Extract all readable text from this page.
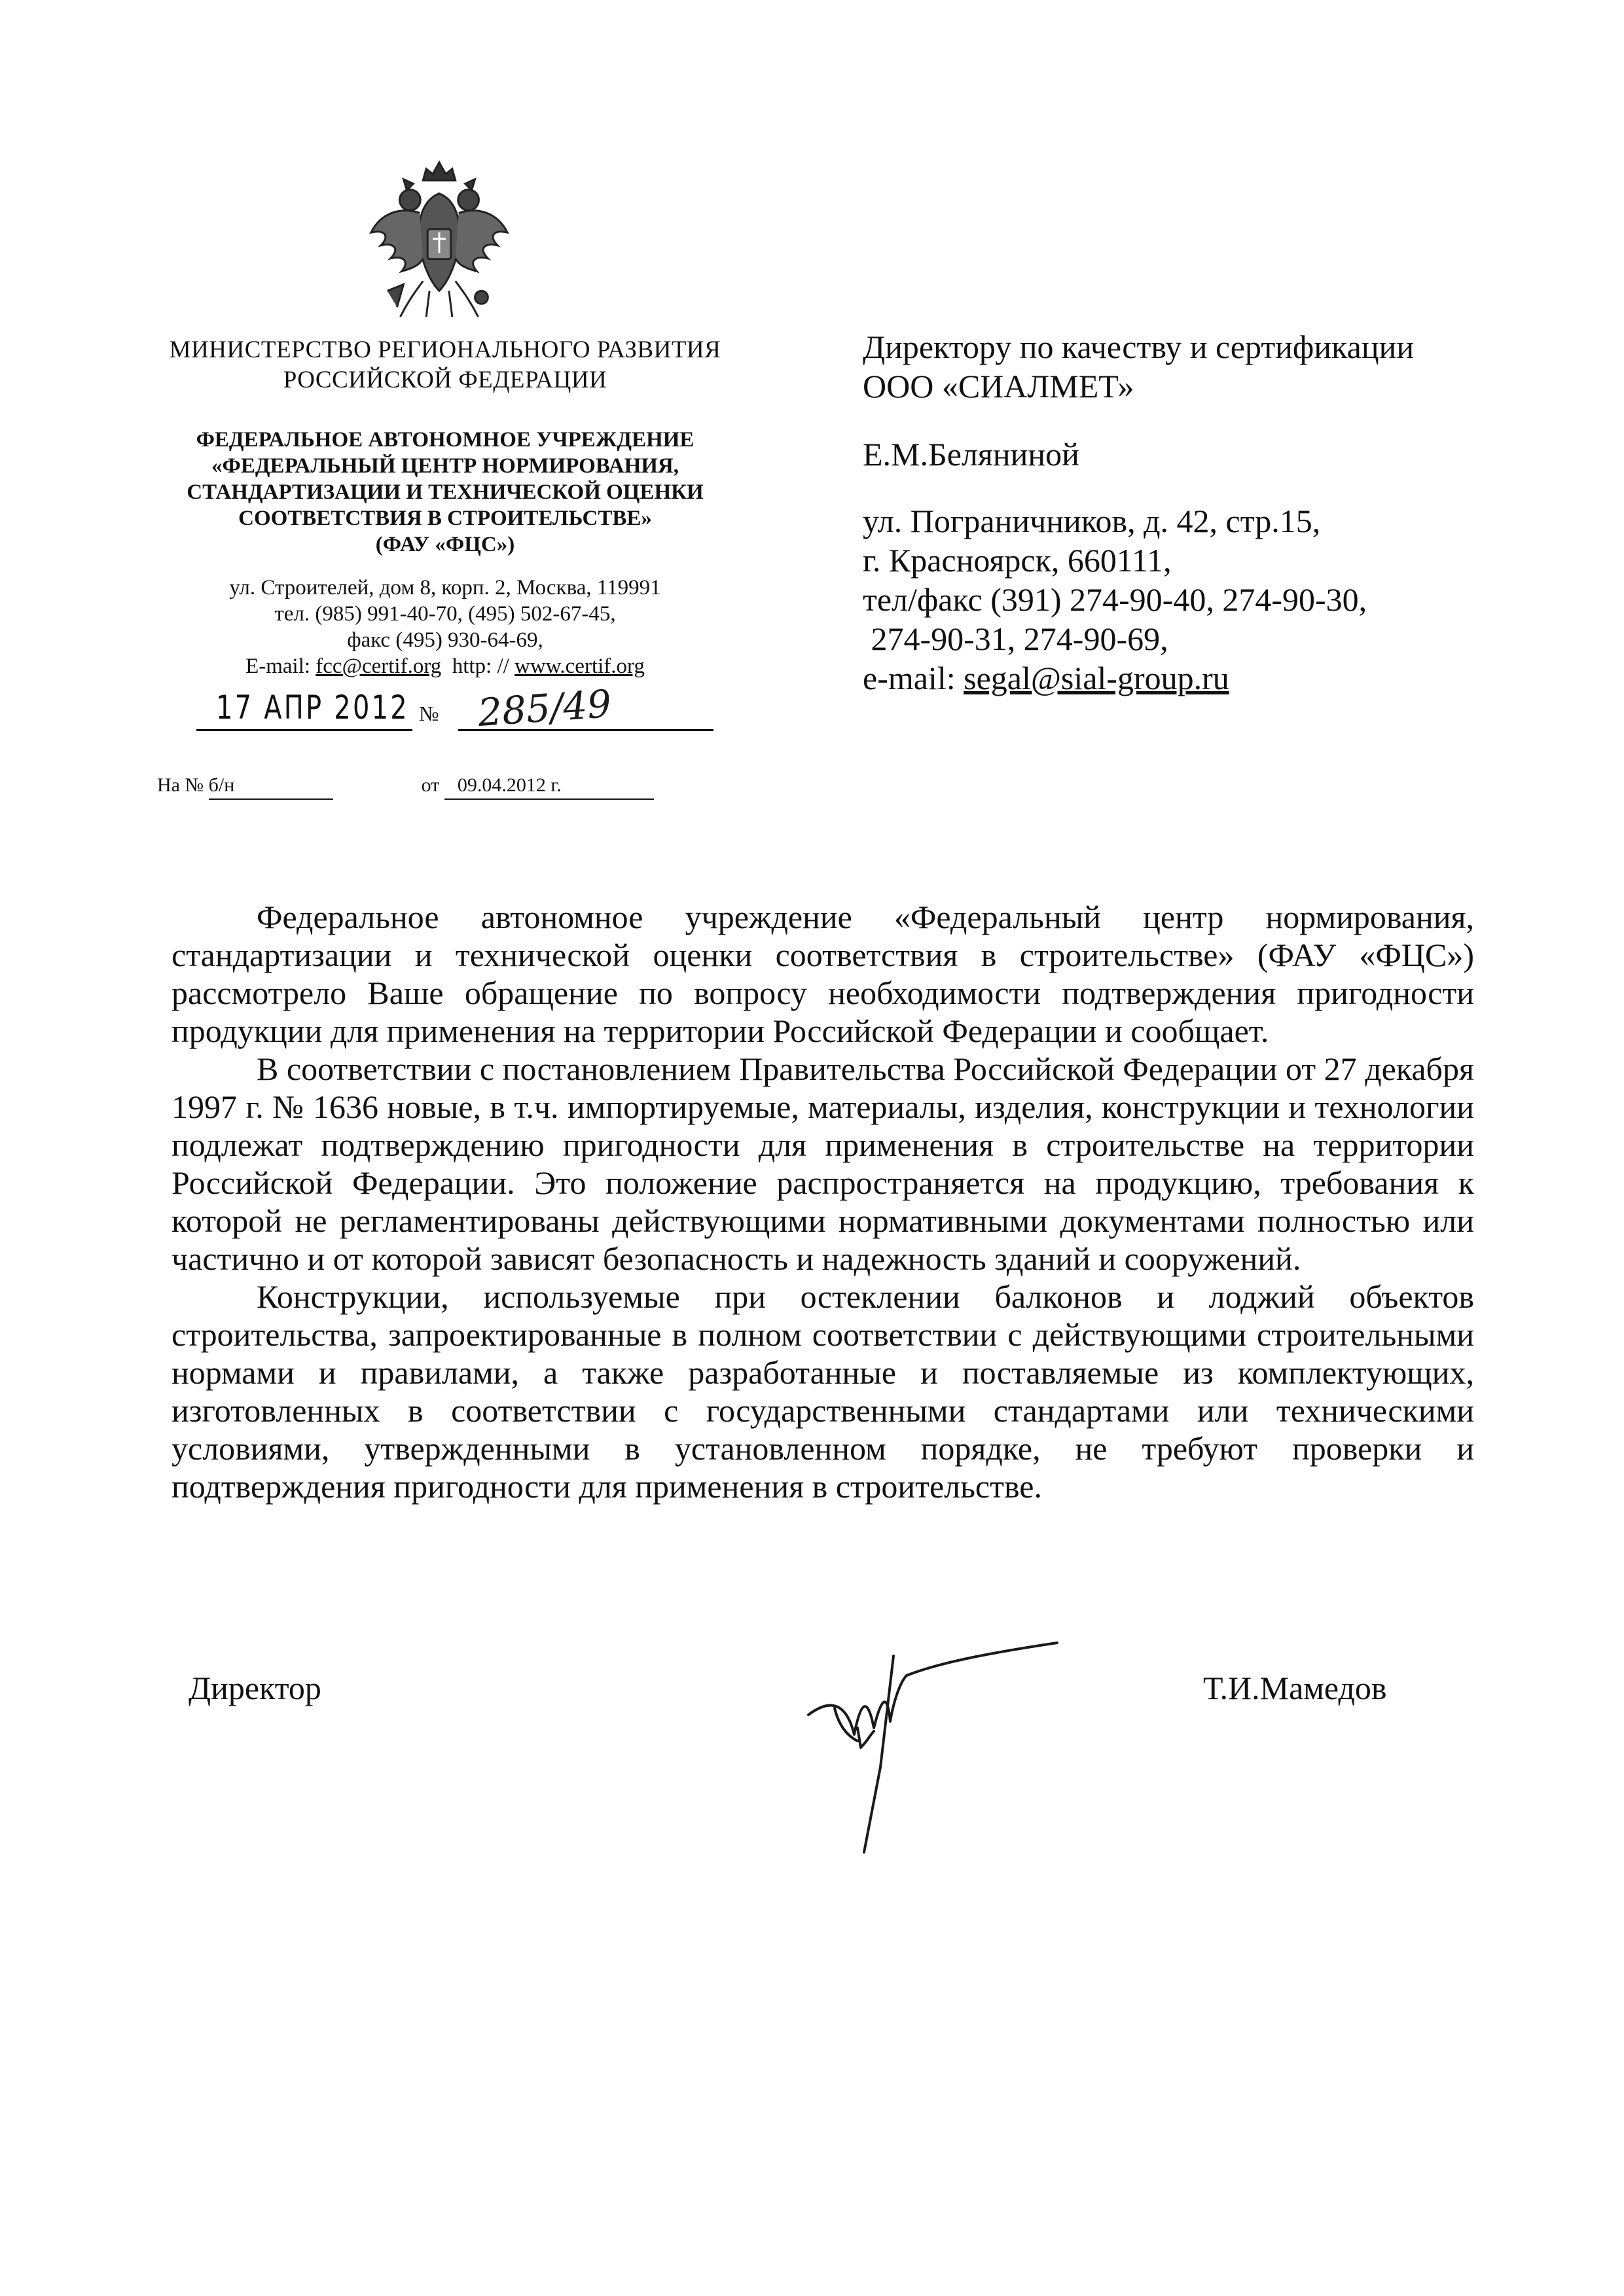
МИНИСТЕРСТВО РЕГИОНАЛЬНОГО РАЗВИТИЯ
РОССИЙСКОЙ ФЕДЕРАЦИИ
ФЕДЕРАЛЬНОЕ АВТОНОМНОЕ УЧРЕЖДЕНИЕ
«ФЕДЕРАЛЬНЫЙ ЦЕНТР НОРМИРОВАНИЯ,
СТАНДАРТИЗАЦИИ И ТЕХНИЧЕСКОЙ ОЦЕНКИ
СООТВЕТСТВИЯ В СТРОИТЕЛЬСТВЕ»
(ФАУ «ФЦС»)
ул. Строителей, дом 8, корп. 2, Москва, 119991
тел. (985) 991-40-70, (495) 502-67-45,
факс (495) 930-64-69,
E-mail: fcc@certif.org http: // www.certif.org
17 АПР 2012 № 285/49
На № б/н	от 09.04.2012 г.

Директору по качеству и сертификации

ООО «СИАЛМЕТ»

Е.М.Беляниной

ул. Пограничников, д. 42, стр.15,

г. Красноярск, 660111,

тел/факс (391) 274-90-40, 274-90-30,

274-90-31, 274-90-69,

e-mail: segal@sial-group.ru

Федеральное автономное учреждение «Федеральный центр нормирования, стандартизации и технической оценки соответствия в строительстве» (ФАУ «ФЦС») рассмотрело Ваше обращение по вопросу необходимости подтверждения пригодности продукции для применения на территории Российской Федерации и сообщает.

В соответствии с постановлением Правительства Российской Федерации от 27 декабря 1997 г. № 1636 новые, в т.ч. импортируемые, материалы, изделия, конструкции и технологии подлежат подтверждению пригодности для применения в строительстве на территории Российской Федерации. Это положение распространяется на продукцию, требования к которой не регламентированы действующими нормативными документами полностью или частично и от которой зависят безопасность и надежность зданий и сооружений.

Конструкции, используемые при остеклении балконов и лоджий объектов строительства, запроектированные в полном соответствии с действующими строительными нормами и правилами, а также разработанные и поставляемые из комплектующих, изготовленных в соответствии с государственными стандартами или техническими условиями, утвержденными в установленном порядке, не требуют проверки и подтверждения пригодности для применения в строительстве.

Директор	Т.И.Мамедов
